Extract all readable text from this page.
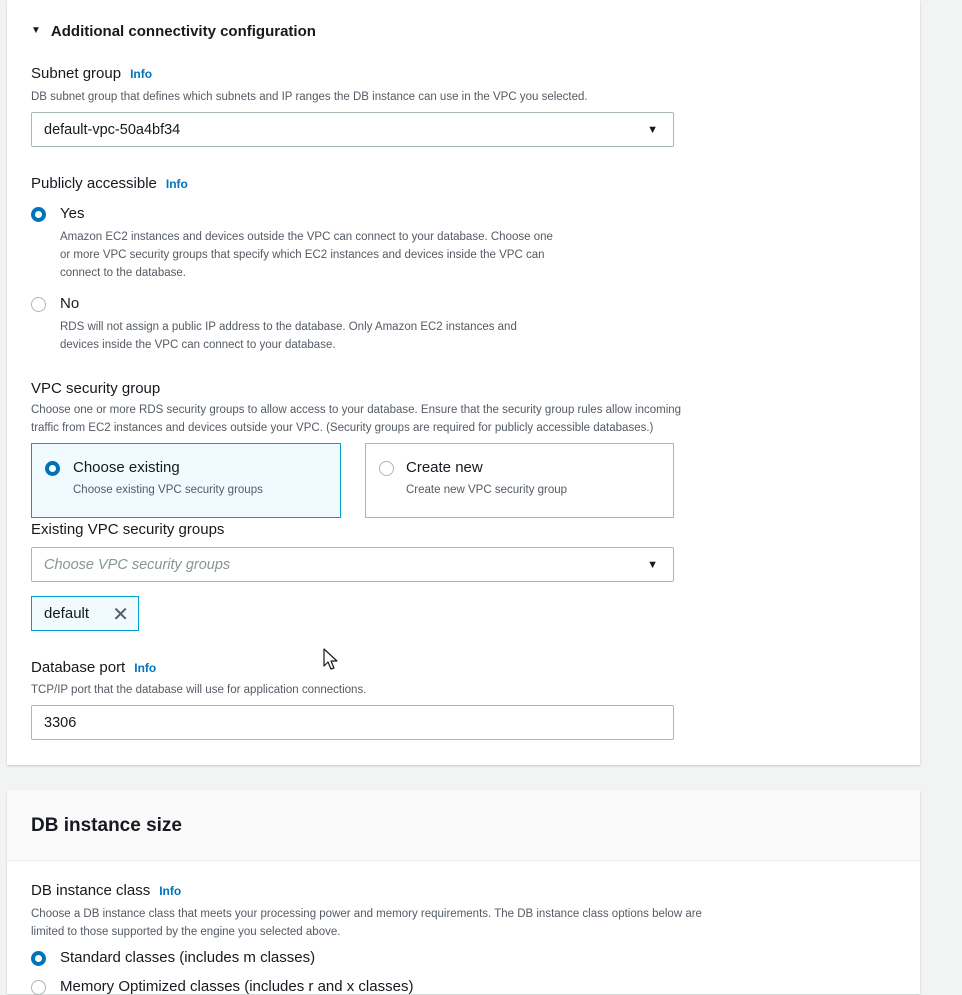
▼ Additional connectivity configuration
Subnet group Info
DB subnet group that defines which subnets and IP ranges the DB instance can use in the VPC you selected.
default-vpc-50a4bf34	▼
Publicly accessible Info
Yes
Amazon EC2 instances and devices outside the VPC can connect to your database. Choose one
or more VPC security groups that specify which EC2 instances and devices inside the VPC can
connect to the database.
No
RDS will not assign a public IP address to the database. Only Amazon EC2 instances and
devices inside the VPC can connect to your database.
VPC security group
Choose one or more RDS security groups to allow access to your database. Ensure that the security group rules allow incoming
traffic from EC2 instances and devices outside your VPC. (Security groups are required for publicly accessible databases.)
Choose existing
Choose existing VPC security groups
Create new
Create new VPC security group
Existing VPC security groups
Choose VPC security groups	▼
default ✕
Database port Info
TCP/IP port that the database will use for application connections.
3306
DB instance size
DB instance class Info
Choose a DB instance class that meets your processing power and memory requirements. The DB instance class options below are
limited to those supported by the engine you selected above.
Standard classes (includes m classes)
Memory Optimized classes (includes r and x classes)
